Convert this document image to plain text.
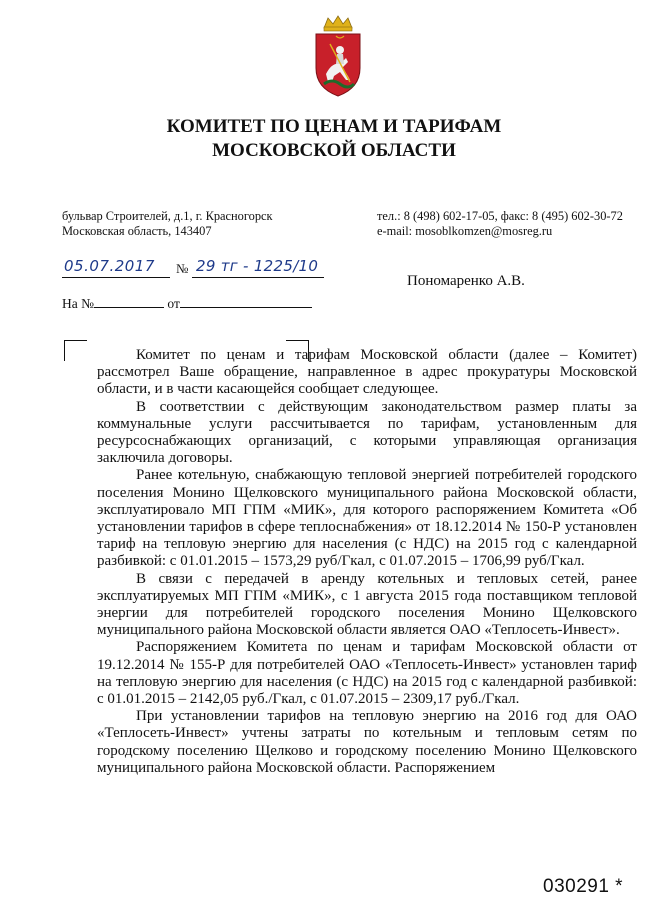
КОМИТЕТ ПО ЦЕНАМ И ТАРИФАМ
МОСКОВСКОЙ ОБЛАСТИ
бульвар Строителей, д.1, г. Красногорск
Московская область, 143407
тел.: 8 (498) 602-17-05, факс: 8 (495) 602-30-72
e-mail: mosoblkomzen@mosreg.ru
05.07.2017 № 29 тг - 1225/10
Пономаренко А.В.
На №	от

Комитет по ценам и тарифам Московской области (далее – Комитет) рассмотрел Ваше обращение, направленное в адрес прокуратуры Московской области, и в части касающейся сообщает следующее.

В соответствии с действующим законодательством размер платы за коммунальные услуги рассчитывается по тарифам, установленным для ресурсоснабжающих организаций, с которыми управляющая организация заключила договоры.

Ранее котельную, снабжающую тепловой энергией потребителей городского поселения Монино Щелковского муниципального района Московской области, эксплуатировало МП ГПМ «МИК», для которого распоряжением Комитета «Об установлении тарифов в сфере теплоснабжения» от 18.12.2014 № 150-Р установлен тариф на тепловую энергию для населения (с НДС) на 2015 год с календарной разбивкой: с 01.01.2015 – 1573,29 руб/Гкал, с 01.07.2015 – 1706,99 руб/Гкал.

В связи с передачей в аренду котельных и тепловых сетей, ранее эксплуатируемых МП ГПМ «МИК», с 1 августа 2015 года поставщиком тепловой энергии для потребителей городского поселения Монино Щелковского муниципального района Московской области является ОАО «Теплосеть-Инвест».

Распоряжением Комитета по ценам и тарифам Московской области от 19.12.2014 № 155-Р для потребителей ОАО «Теплосеть-Инвест» установлен тариф на тепловую энергию для населения (с НДС) на 2015 год с календарной разбивкой: с 01.01.2015 – 2142,05 руб./Гкал, с 01.07.2015 – 2309,17 руб./Гкал.

При установлении тарифов на тепловую энергию на 2016 год для ОАО «Теплосеть-Инвест» учтены затраты по котельным и тепловым сетям по городскому поселению Щелково и городскому поселению Монино Щелковского муниципального района Московской области. Распоряжением

030291 *
